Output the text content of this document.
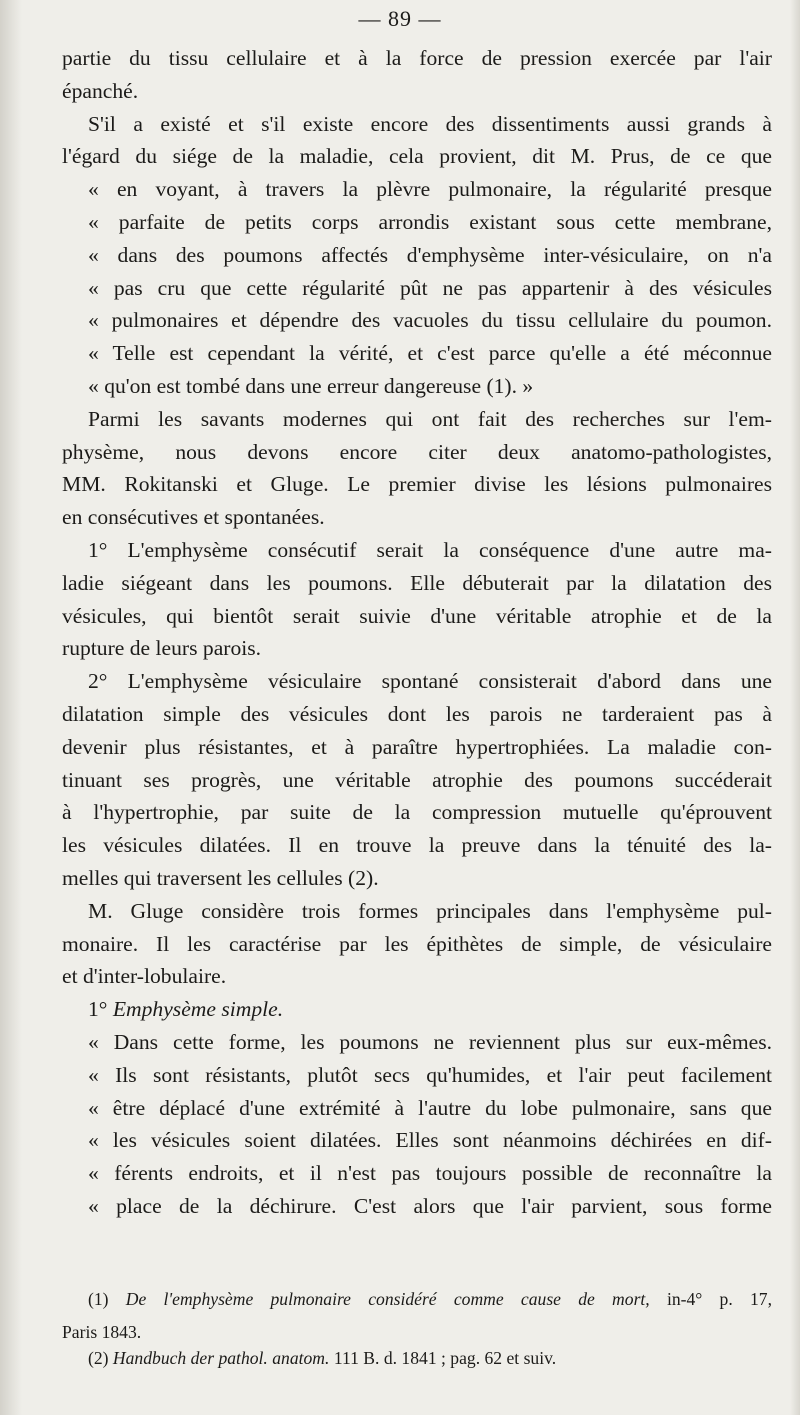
— 89 —
partie du tissu cellulaire et à la force de pression exercée par l'air
épanché.
S'il a existé et s'il existe encore des dissentiments aussi grands à
l'égard du siége de la maladie, cela provient, dit M. Prus, de ce que
« en voyant, à travers la plèvre pulmonaire, la régularité presque
« parfaite de petits corps arrondis existant sous cette membrane,
« dans des poumons affectés d'emphysème inter-vésiculaire, on n'a
« pas cru que cette régularité pût ne pas appartenir à des vésicules
« pulmonaires et dépendre des vacuoles du tissu cellulaire du poumon.
« Telle est cependant la vérité, et c'est parce qu'elle a été méconnue
« qu'on est tombé dans une erreur dangereuse (1). »
Parmi les savants modernes qui ont fait des recherches sur l'em-
physème, nous devons encore citer deux anatomo-pathologistes,
MM. Rokitanski et Gluge. Le premier divise les lésions pulmonaires
en consécutives et spontanées.
1° L'emphysème consécutif serait la conséquence d'une autre ma-
ladie siégeant dans les poumons. Elle débuterait par la dilatation des
vésicules, qui bientôt serait suivie d'une véritable atrophie et de la
rupture de leurs parois.
2° L'emphysème vésiculaire spontané consisterait d'abord dans une
dilatation simple des vésicules dont les parois ne tarderaient pas à
devenir plus résistantes, et à paraître hypertrophiées. La maladie con-
tinuant ses progrès, une véritable atrophie des poumons succéderait
à l'hypertrophie, par suite de la compression mutuelle qu'éprouvent
les vésicules dilatées. Il en trouve la preuve dans la ténuité des la-
melles qui traversent les cellules (2).
M. Gluge considère trois formes principales dans l'emphysème pul-
monaire. Il les caractérise par les épithètes de simple, de vésiculaire
et d'inter-lobulaire.
1° Emphysème simple.
« Dans cette forme, les poumons ne reviennent plus sur eux-mêmes.
« Ils sont résistants, plutôt secs qu'humides, et l'air peut facilement
« être déplacé d'une extrémité à l'autre du lobe pulmonaire, sans que
« les vésicules soient dilatées. Elles sont néanmoins déchirées en dif-
« férents endroits, et il n'est pas toujours possible de reconnaître la
« place de la déchirure. C'est alors que l'air parvient, sous forme
(1) De l'emphysème pulmonaire considéré comme cause de mort, in-4° p. 17,
Paris 1843.
(2) Handbuch der pathol. anatom. 111 B. d. 1841 ; pag. 62 et suiv.
